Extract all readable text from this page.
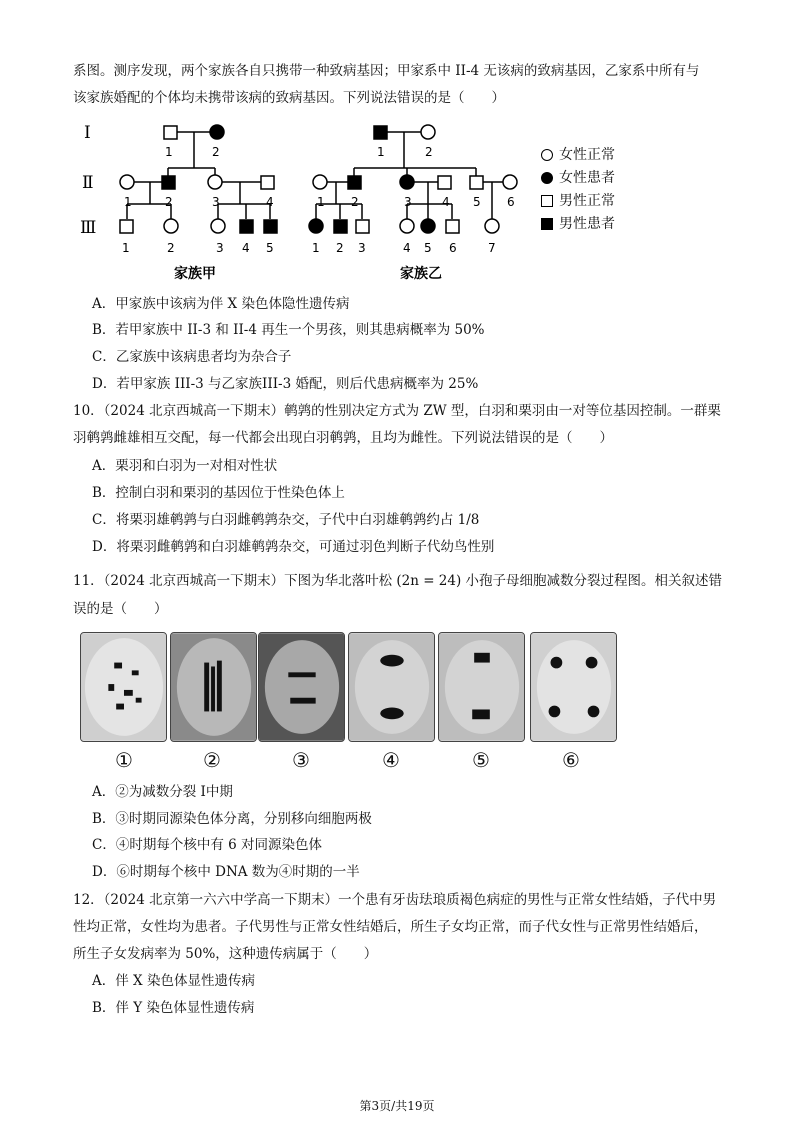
系图。测序发现，两个家族各自只携带一种致病基因；甲家系中 II-4 无该病的致病基因，乙家系中所有与
该家族婚配的个体均未携带该病的致病基因。下列说法错误的是（　　）
I
Ⅱ
Ⅲ
1	2
1	2	3	4
1	2	3 4 5
1	2
1 2	3	4 5 6
1 2 3	4 5 6	7
家族甲	家族乙
女性正常
女性患者
男性正常
男性患者
A．甲家族中该病为伴 X 染色体隐性遗传病
B．若甲家族中 II-3 和 II-4 再生一个男孩，则其患病概率为 50%
C．乙家族中该病患者均为杂合子
D．若甲家族 III-3 与乙家族III-3 婚配，则后代患病概率为 25%
10．（2024 北京西城高一下期末）鹌鹑的性别决定方式为 ZW 型，白羽和栗羽由一对等位基因控制。一群栗
羽鹌鹑雌雄相互交配，每一代都会出现白羽鹌鹑，且均为雌性。下列说法错误的是（　　）
A．栗羽和白羽为一对相对性状
B．控制白羽和栗羽的基因位于性染色体上
C．将栗羽雄鹌鹑与白羽雌鹌鹑杂交，子代中白羽雄鹌鹑约占 1/8
D．将栗羽雌鹌鹑和白羽雄鹌鹑杂交，可通过羽色判断子代幼鸟性别
11．（2024 北京西城高一下期末）下图为华北落叶松 (2n = 24) 小孢子母细胞减数分裂过程图。相关叙述错
误的是（　　）
①	②	③	④	⑤	⑥
A．②为减数分裂 I中期
B．③时期同源染色体分离，分别移向细胞两极
C．④时期每个核中有 6 对同源染色体
D．⑥时期每个核中 DNA 数为④时期的一半
12．（2024 北京第一六六中学高一下期末）一个患有牙齿珐琅质褐色病症的男性与正常女性结婚，子代中男
性均正常，女性均为患者。子代男性与正常女性结婚后，所生子女均正常，而子代女性与正常男性结婚后，
所生子女发病率为 50%，这种遗传病属于（　　）
A．伴 X 染色体显性遗传病
B．伴 Y 染色体显性遗传病
第3页/共19页
